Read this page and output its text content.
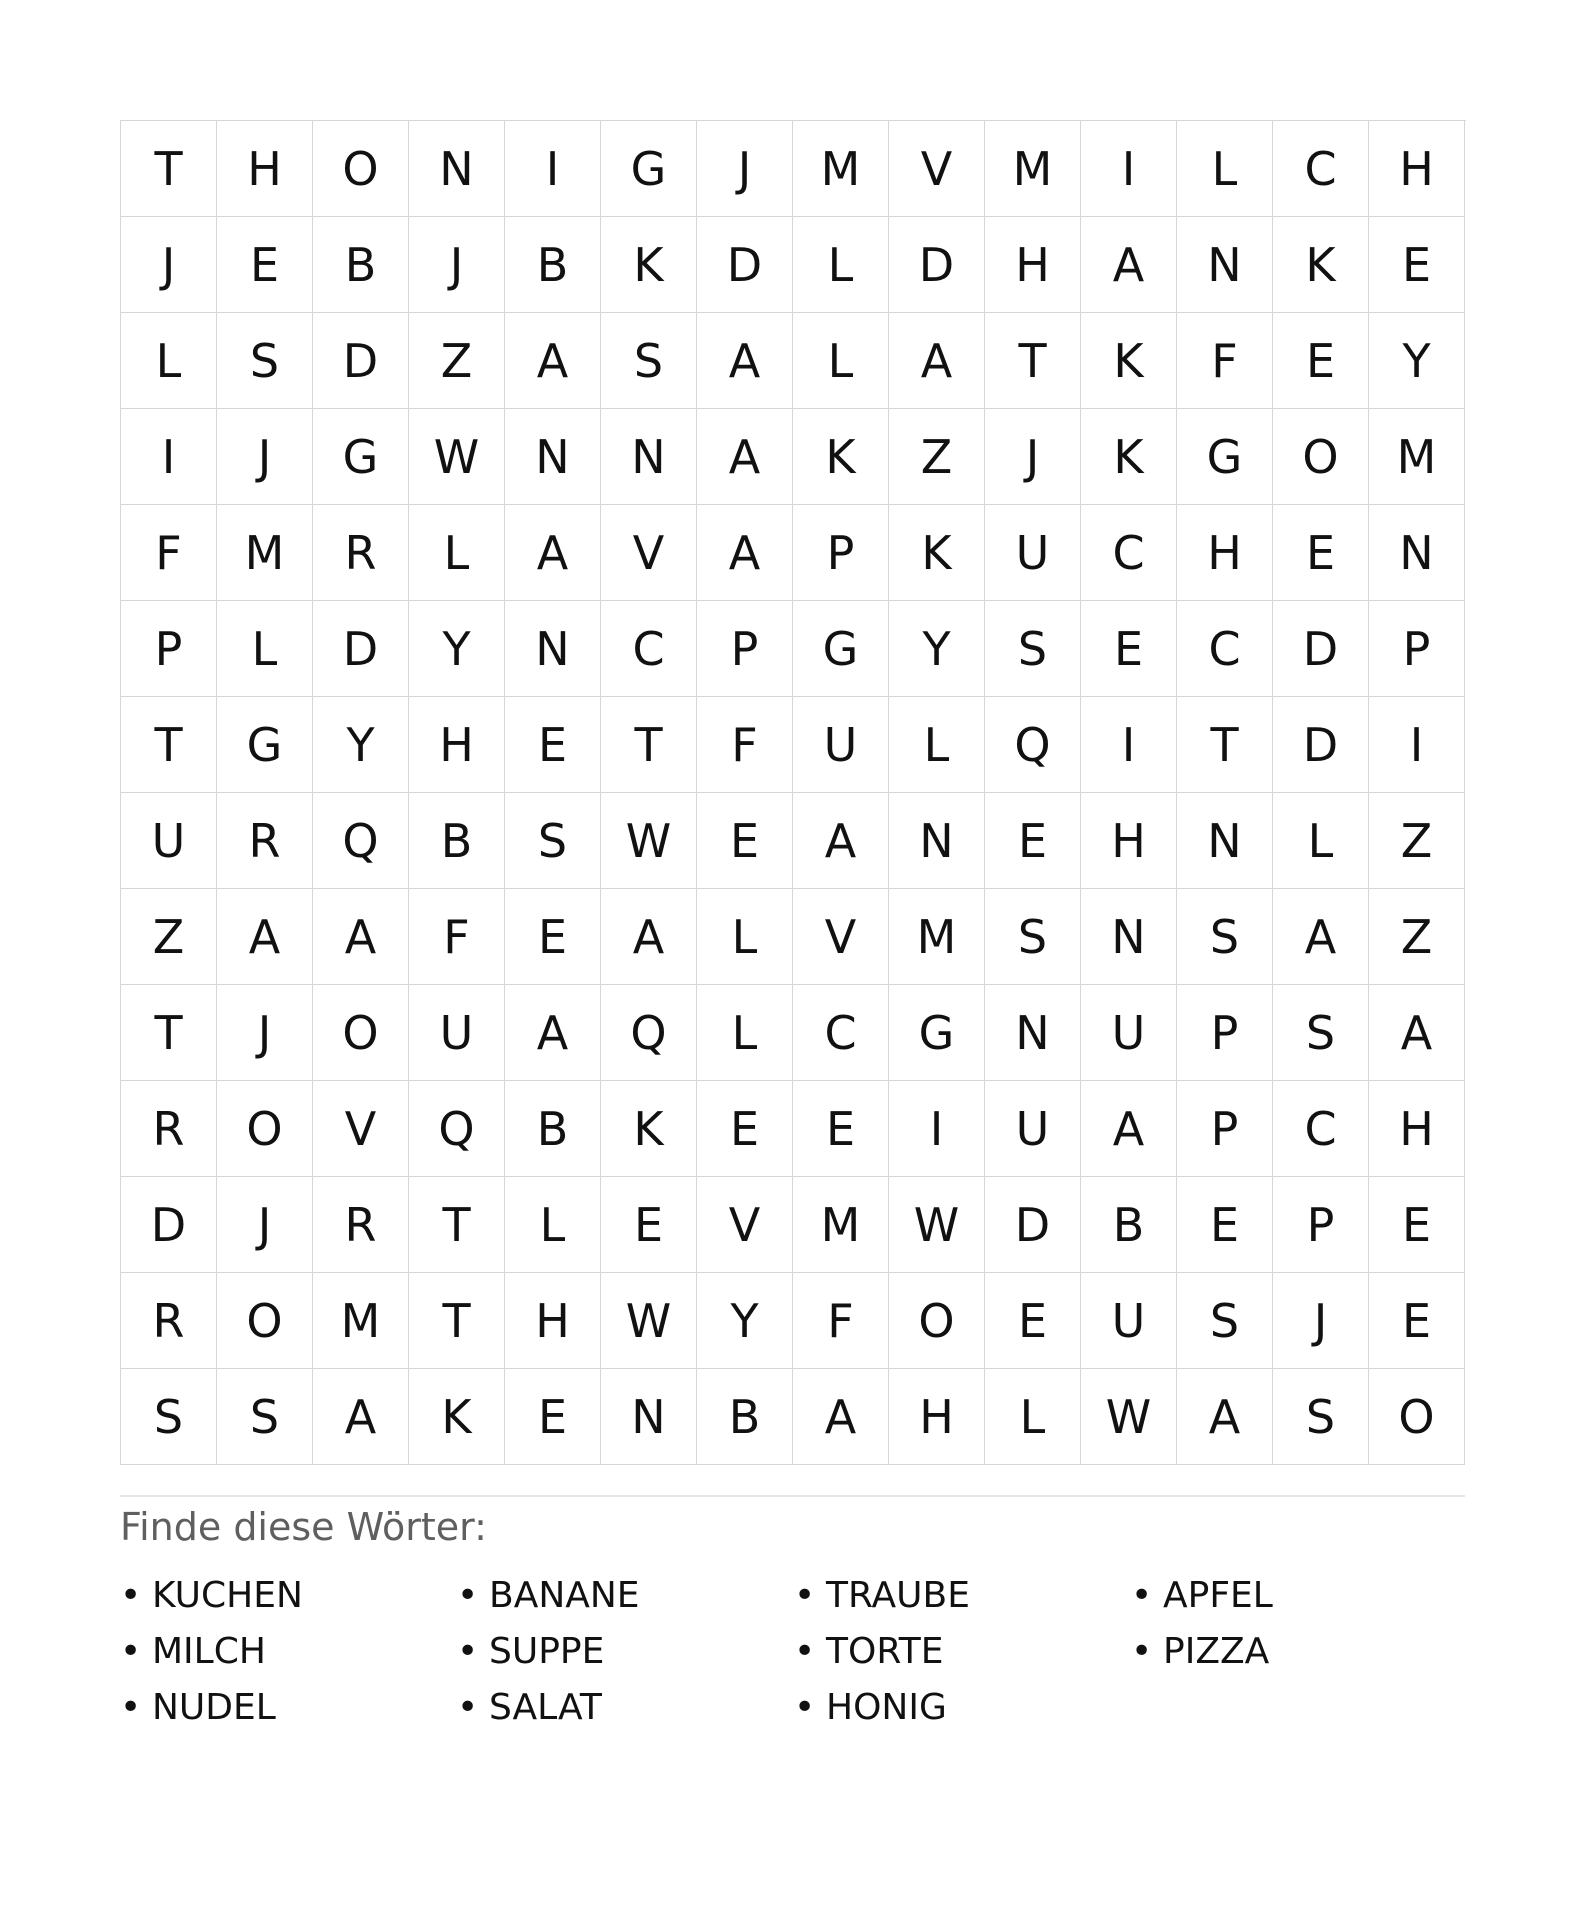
T	H	O	N	I	G	J	M	V	M	I	L	C	H
J	E	B	J	B	K	D	L	D	H	A	N	K	E
L	S	D	Z	A	S	A	L	A	T	K	F	E	Y
I	J	G	W	N	N	A	K	Z	J	K	G	O	M
F	M	R	L	A	V	A	P	K	U	C	H	E	N
P	L	D	Y	N	C	P	G	Y	S	E	C	D	P
T	G	Y	H	E	T	F	U	L	Q	I	T	D	I
U	R	Q	B	S	W	E	A	N	E	H	N	L	Z
Z	A	A	F	E	A	L	V	M	S	N	S	A	Z
T	J	O	U	A	Q	L	C	G	N	U	P	S	A
R	O	V	Q	B	K	E	E	I	U	A	P	C	H
D	J	R	T	L	E	V	M	W	D	B	E	P	E
R	O	M	T	H	W	Y	F	O	E	U	S	J	E
S	S	A	K	E	N	B	A	H	L	W	A	S	O
Finde diese Wörter:
• KUCHEN
• MILCH
• NUDEL
• BANANE
• SUPPE
• SALAT
• TRAUBE
• TORTE
• HONIG
• APFEL
• PIZZA
